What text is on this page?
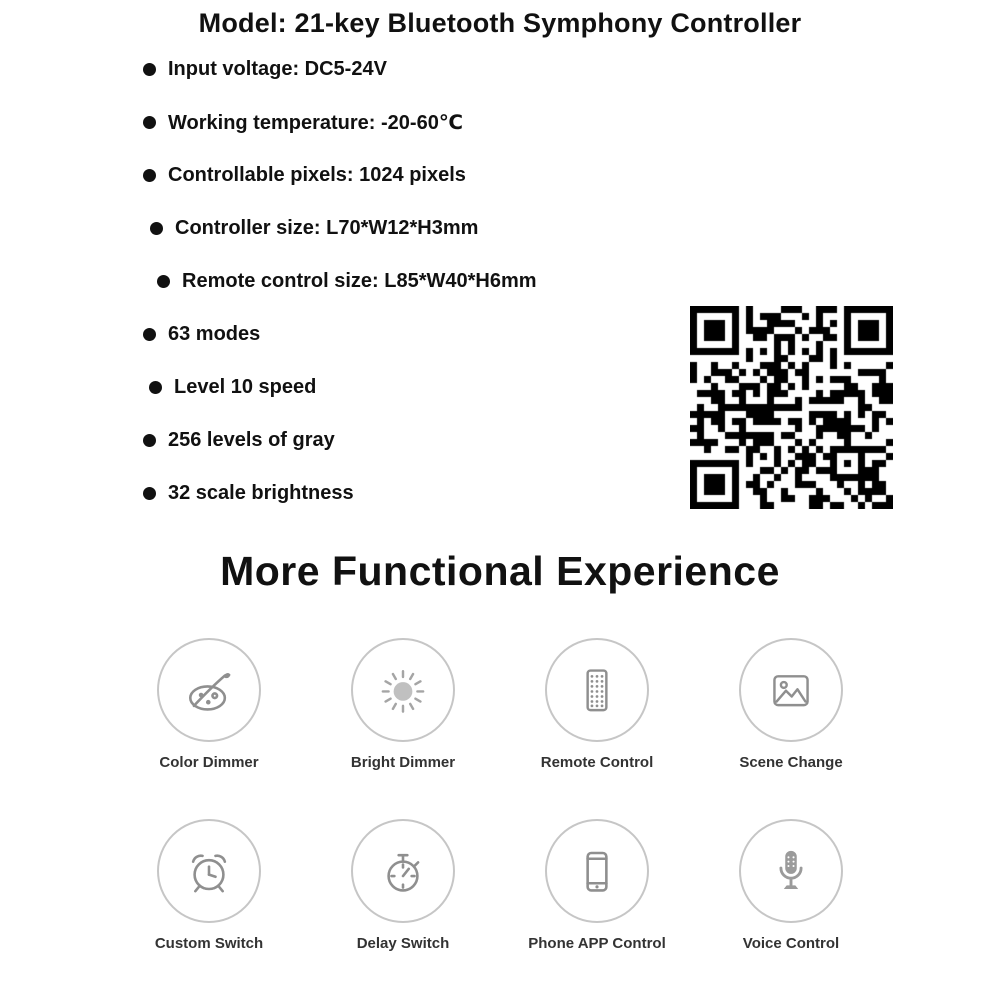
Model: 21-key Bluetooth Symphony Controller
Input voltage: DC5-24V
Working temperature: -20-60℃
Controllable pixels: 1024 pixels
Controller size: L70*W12*H3mm
Remote control size: L85*W40*H6mm
63 modes
Level 10 speed
256 levels of gray
32 scale brightness
More Functional Experience
Color Dimmer	Bright Dimmer	Remote Control	Scene Change
Custom Switch	Delay Switch	Phone APP Control	Voice Control
